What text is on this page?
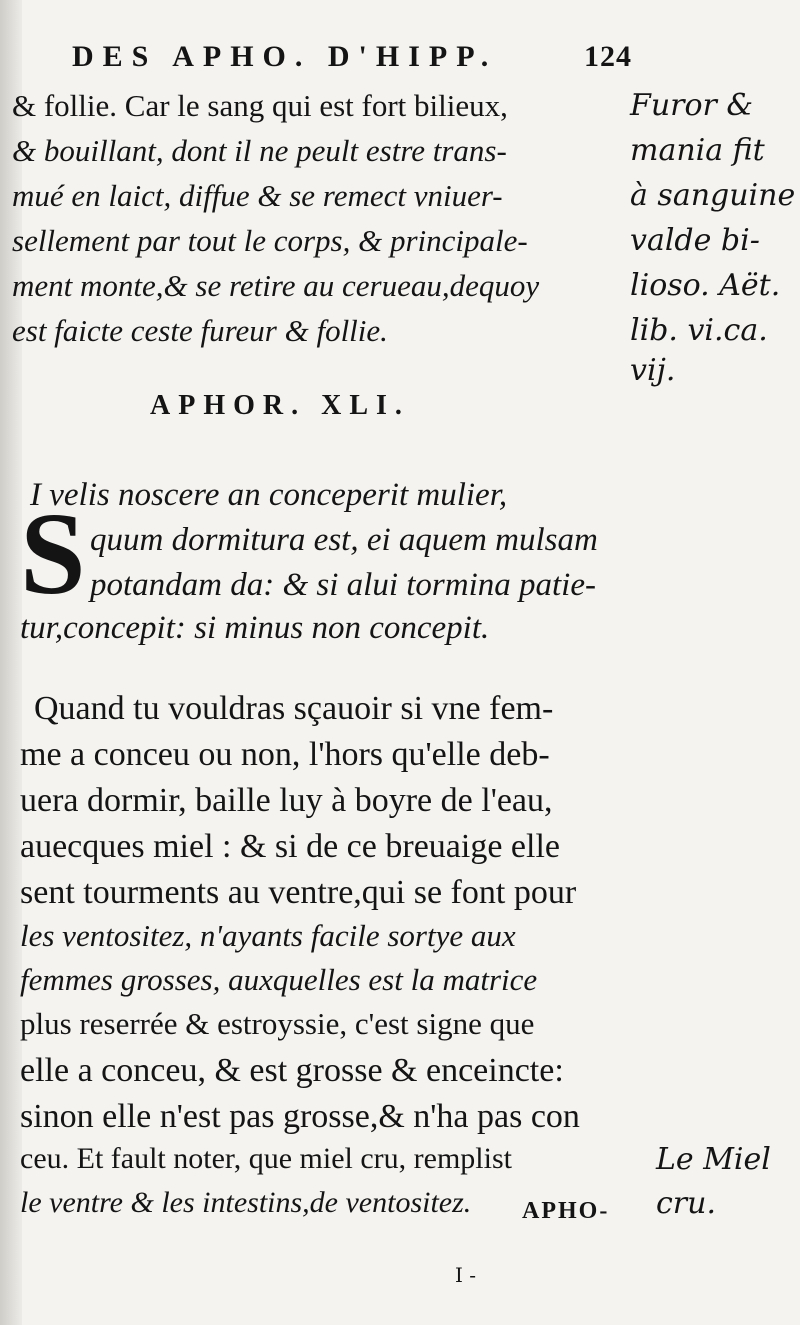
DES APHO. D'HIPP.	124
& follie. Car le sang qui est fort bilieux,
& bouillant, dont il ne peult estre trans-
mué en laict, diffue & se remect vniuer-
sellement par tout le corps, & principale-
ment monte,& se retire au cerueau,dequoy
est faicte ceste fureur & follie.
Furor &
mania fit
à sanguine
valde bi-
lioso. Aët.
lib. vi.ca.
vij.
APHOR. XLI.
S
I velis noscere an conceperit mulier,
quum dormitura est, ei aquem mulsam
potandam da: & si alui tormina patie-
tur,concepit: si minus non concepit.
Quand tu vouldras sçauoir si vne fem-
me a conceu ou non, l'hors qu'elle deb-
uera dormir, baille luy à boyre de l'eau,
auecques miel : & si de ce breuaige elle
sent tourments au ventre,qui se font pour
les ventositez, n'ayants facile sortye aux
femmes grosses, auxquelles est la matrice
plus reserrée & estroyssie, c'est signe que
elle a conceu, & est grosse & enceincte:
sinon elle n'est pas grosse,& n'ha pas con
ceu. Et fault noter, que miel cru, remplist
le ventre & les intestins,de ventositez.
Le Miel
cru.
APHO-
I -
